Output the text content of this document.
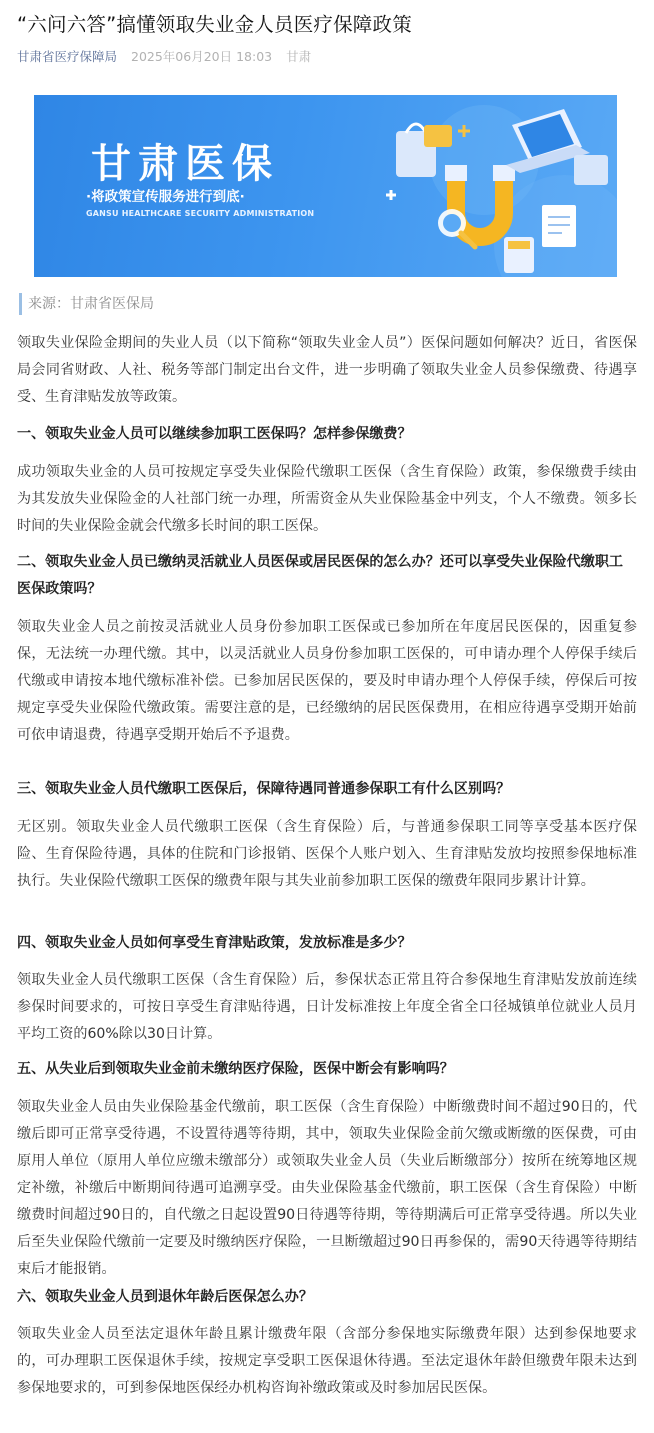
“六问六答”搞懂领取失业金人员医疗保障政策
甘肃省医疗保障局 2025年06月20日 18:03 甘肃
甘肃医保
·将政策宣传服务进行到底·
GANSU HEALTHCARE SECURITY ADMINISTRATION
来源：甘肃省医保局

领取失业保险金期间的失业人员（以下简称“领取失业金人员”）医保问题如何解决？近日，省医保局会同省财政、人社、税务等部门制定出台文件，进一步明确了领取失业金人员参保缴费、待遇享受、生育津贴发放等政策。

一、领取失业金人员可以继续参加职工医保吗？怎样参保缴费？

成功领取失业金的人员可按规定享受失业保险代缴职工医保（含生育保险）政策，参保缴费手续由为其发放失业保险金的人社部门统一办理，所需资金从失业保险基金中列支，个人不缴费。领多长时间的失业保险金就会代缴多长时间的职工医保。

二、领取失业金人员已缴纳灵活就业人员医保或居民医保的怎么办？还可以享受失业保险代缴职工医保政策吗？

领取失业金人员之前按灵活就业人员身份参加职工医保或已参加所在年度居民医保的，因重复参保，无法统一办理代缴。其中，以灵活就业人员身份参加职工医保的，可申请办理个人停保手续后代缴或申请按本地代缴标准补偿。已参加居民医保的，要及时申请办理个人停保手续，停保后可按规定享受失业保险代缴政策。需要注意的是，已经缴纳的居民医保费用，在相应待遇享受期开始前可依申请退费，待遇享受期开始后不予退费。

三、领取失业金人员代缴职工医保后，保障待遇同普通参保职工有什么区别吗？

无区别。领取失业金人员代缴职工医保（含生育保险）后，与普通参保职工同等享受基本医疗保险、生育保险待遇，具体的住院和门诊报销、医保个人账户划入、生育津贴发放均按照参保地标准执行。失业保险代缴职工医保的缴费年限与其失业前参加职工医保的缴费年限同步累计计算。

四、领取失业金人员如何享受生育津贴政策，发放标准是多少？

领取失业金人员代缴职工医保（含生育保险）后，参保状态正常且符合参保地生育津贴发放前连续参保时间要求的，可按日享受生育津贴待遇，日计发标准按上年度全省全口径城镇单位就业人员月平均工资的60%除以30日计算。

五、从失业后到领取失业金前未缴纳医疗保险，医保中断会有影响吗？

领取失业金人员由失业保险基金代缴前，职工医保（含生育保险）中断缴费时间不超过90日的，代缴后即可正常享受待遇，不设置待遇等待期，其中，领取失业保险金前欠缴或断缴的医保费，可由原用人单位（原用人单位应缴未缴部分）或领取失业金人员（失业后断缴部分）按所在统筹地区规定补缴，补缴后中断期间待遇可追溯享受。由失业保险基金代缴前，职工医保（含生育保险）中断缴费时间超过90日的，自代缴之日起设置90日待遇等待期，等待期满后可正常享受待遇。所以失业后至失业保险代缴前一定要及时缴纳医疗保险，一旦断缴超过90日再参保的，需90天待遇等待期结束后才能报销。

六、领取失业金人员到退休年龄后医保怎么办？

领取失业金人员至法定退休年龄且累计缴费年限（含部分参保地实际缴费年限）达到参保地要求的，可办理职工医保退休手续，按规定享受职工医保退休待遇。至法定退休年龄但缴费年限未达到参保地要求的，可到参保地医保经办机构咨询补缴政策或及时参加居民医保。
